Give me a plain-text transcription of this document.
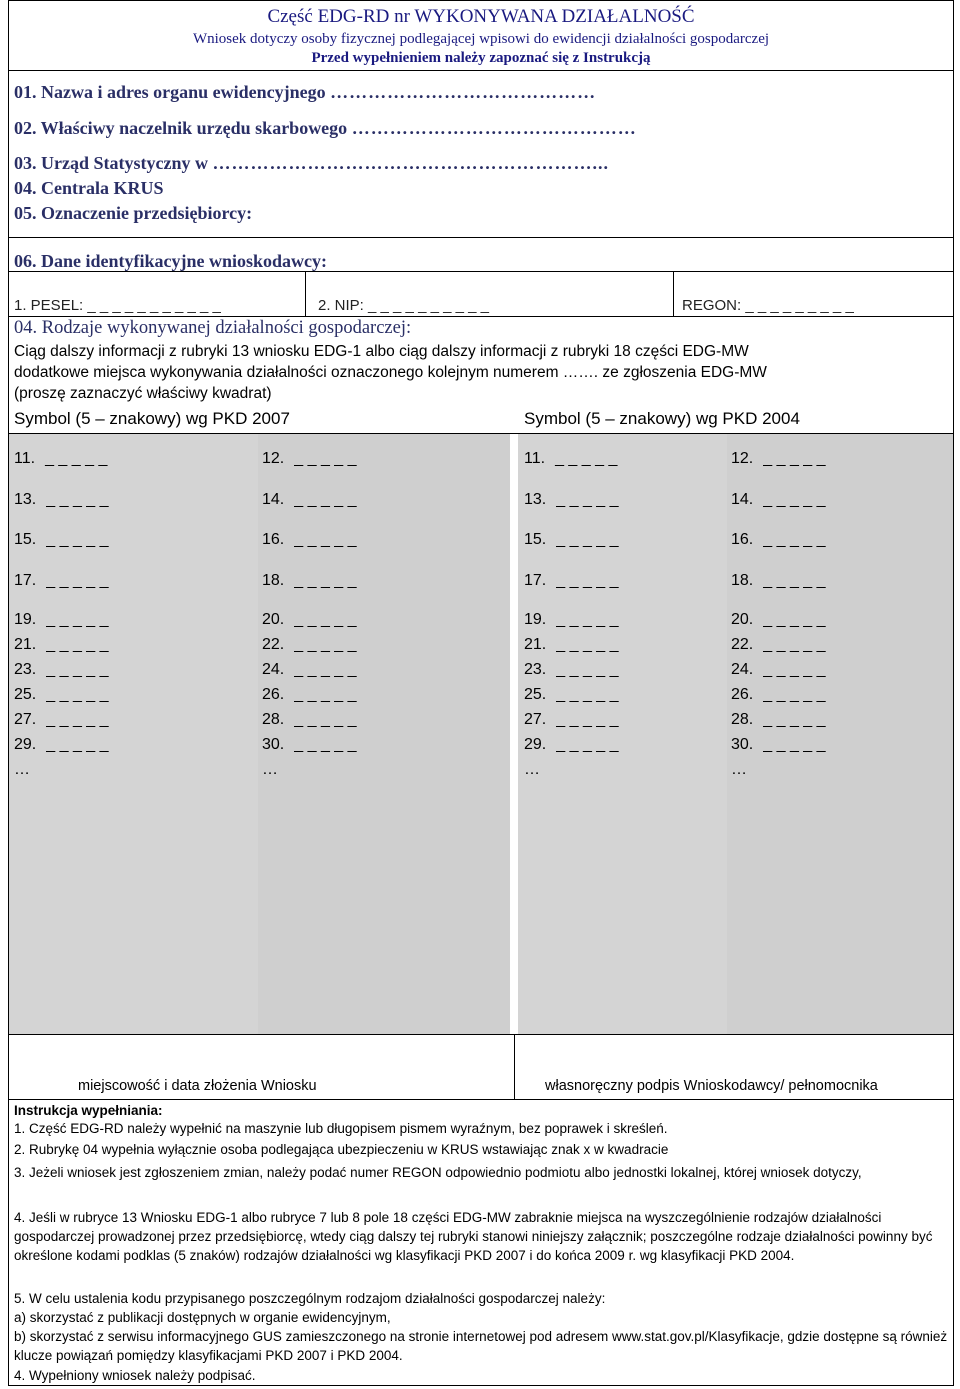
Część EDG-RD nr WYKONYWANA DZIAŁALNOŚĆ
Wniosek dotyczy osoby fizycznej podlegającej wpisowi do ewidencji działalności gospodarczej
Przed wypełnieniem należy zapoznać się z Instrukcją
01. Nazwa i adres organu ewidencyjnego ……………………………………
02. Właściwy naczelnik urzędu skarbowego ………………………………………
03. Urząd Statystyczny w ……………………………………………………...
04. Centrala KRUS
05. Oznaczenie przedsiębiorcy:
06. Dane identyfikacyjne wnioskodawcy:
1. PESEL: _ _ _ _ _ _ _ _ _ _ _	2. NIP: _ _ _ _ _ _ _ _ _ _	REGON: _ _ _ _ _ _ _ _ _
04. Rodzaje wykonywanej działalności gospodarczej:
Ciąg dalszy informacji z rubryki 13 wniosku EDG-1 albo ciąg dalszy informacji z rubryki 18 części EDG-MW
dodatkowe miejsca wykonywania działalności oznaczonego kolejnym numerem ……. ze zgłoszenia EDG-MW
(proszę zaznaczyć właściwy kwadrat)
Symbol (5 – znakowy) wg PKD 2007	Symbol (5 – znakowy) wg PKD 2004
11. _ _ _ _ _	12. _ _ _ _ _	11. _ _ _ _ _	12. _ _ _ _ _
13. _ _ _ _ _	14. _ _ _ _ _	13. _ _ _ _ _	14. _ _ _ _ _
15. _ _ _ _ _	16. _ _ _ _ _	15. _ _ _ _ _	16. _ _ _ _ _
17. _ _ _ _ _	18. _ _ _ _ _	17. _ _ _ _ _	18. _ _ _ _ _
19. _ _ _ _ _	20. _ _ _ _ _	19. _ _ _ _ _	20. _ _ _ _ _
21. _ _ _ _ _	22. _ _ _ _ _	21. _ _ _ _ _	22. _ _ _ _ _
23. _ _ _ _ _	24. _ _ _ _ _	23. _ _ _ _ _	24. _ _ _ _ _
25. _ _ _ _ _	26. _ _ _ _ _	25. _ _ _ _ _	26. _ _ _ _ _
27. _ _ _ _ _	28. _ _ _ _ _	27. _ _ _ _ _	28. _ _ _ _ _
29. _ _ _ _ _	30. _ _ _ _ _	29. _ _ _ _ _	30. _ _ _ _ _
…	…	…	…
miejscowość i data złożenia Wniosku	własnoręczny podpis Wnioskodawcy/ pełnomocnika
Instrukcja wypełniania:
1. Część EDG-RD należy wypełnić na maszynie lub długopisem pismem wyraźnym, bez poprawek i skreśleń.
2. Rubrykę 04 wypełnia wyłącznie osoba podlegająca ubezpieczeniu w KRUS wstawiając znak x w kwadracie
3. Jeżeli wniosek jest zgłoszeniem zmian, należy podać numer REGON odpowiednio podmiotu albo jednostki lokalnej, której wniosek dotyczy,
4. Jeśli w rubryce 13 Wniosku EDG-1 albo rubryce 7 lub 8 pole 18 części EDG-MW zabraknie miejsca na wyszczególnienie rodzajów działalności gospodarczej prowadzonej przez przedsiębiorcę, wtedy ciąg dalszy tej rubryki stanowi niniejszy załącznik; poszczególne rodzaje działalności powinny być określone kodami podklas (5 znaków) rodzajów działalności wg klasyfikacji PKD 2007 i do końca 2009 r. wg klasyfikacji PKD 2004.
5. W celu ustalenia kodu przypisanego poszczególnym rodzajom działalności gospodarczej należy:
a) skorzystać z publikacji dostępnych w organie ewidencyjnym,
b) skorzystać z serwisu informacyjnego GUS zamieszczonego na stronie internetowej pod adresem www.stat.gov.pl/Klasyfikacje, gdzie dostępne są również klucze powiązań pomiędzy klasyfikacjami PKD 2007 i PKD 2004.
4. Wypełniony wniosek należy podpisać.
